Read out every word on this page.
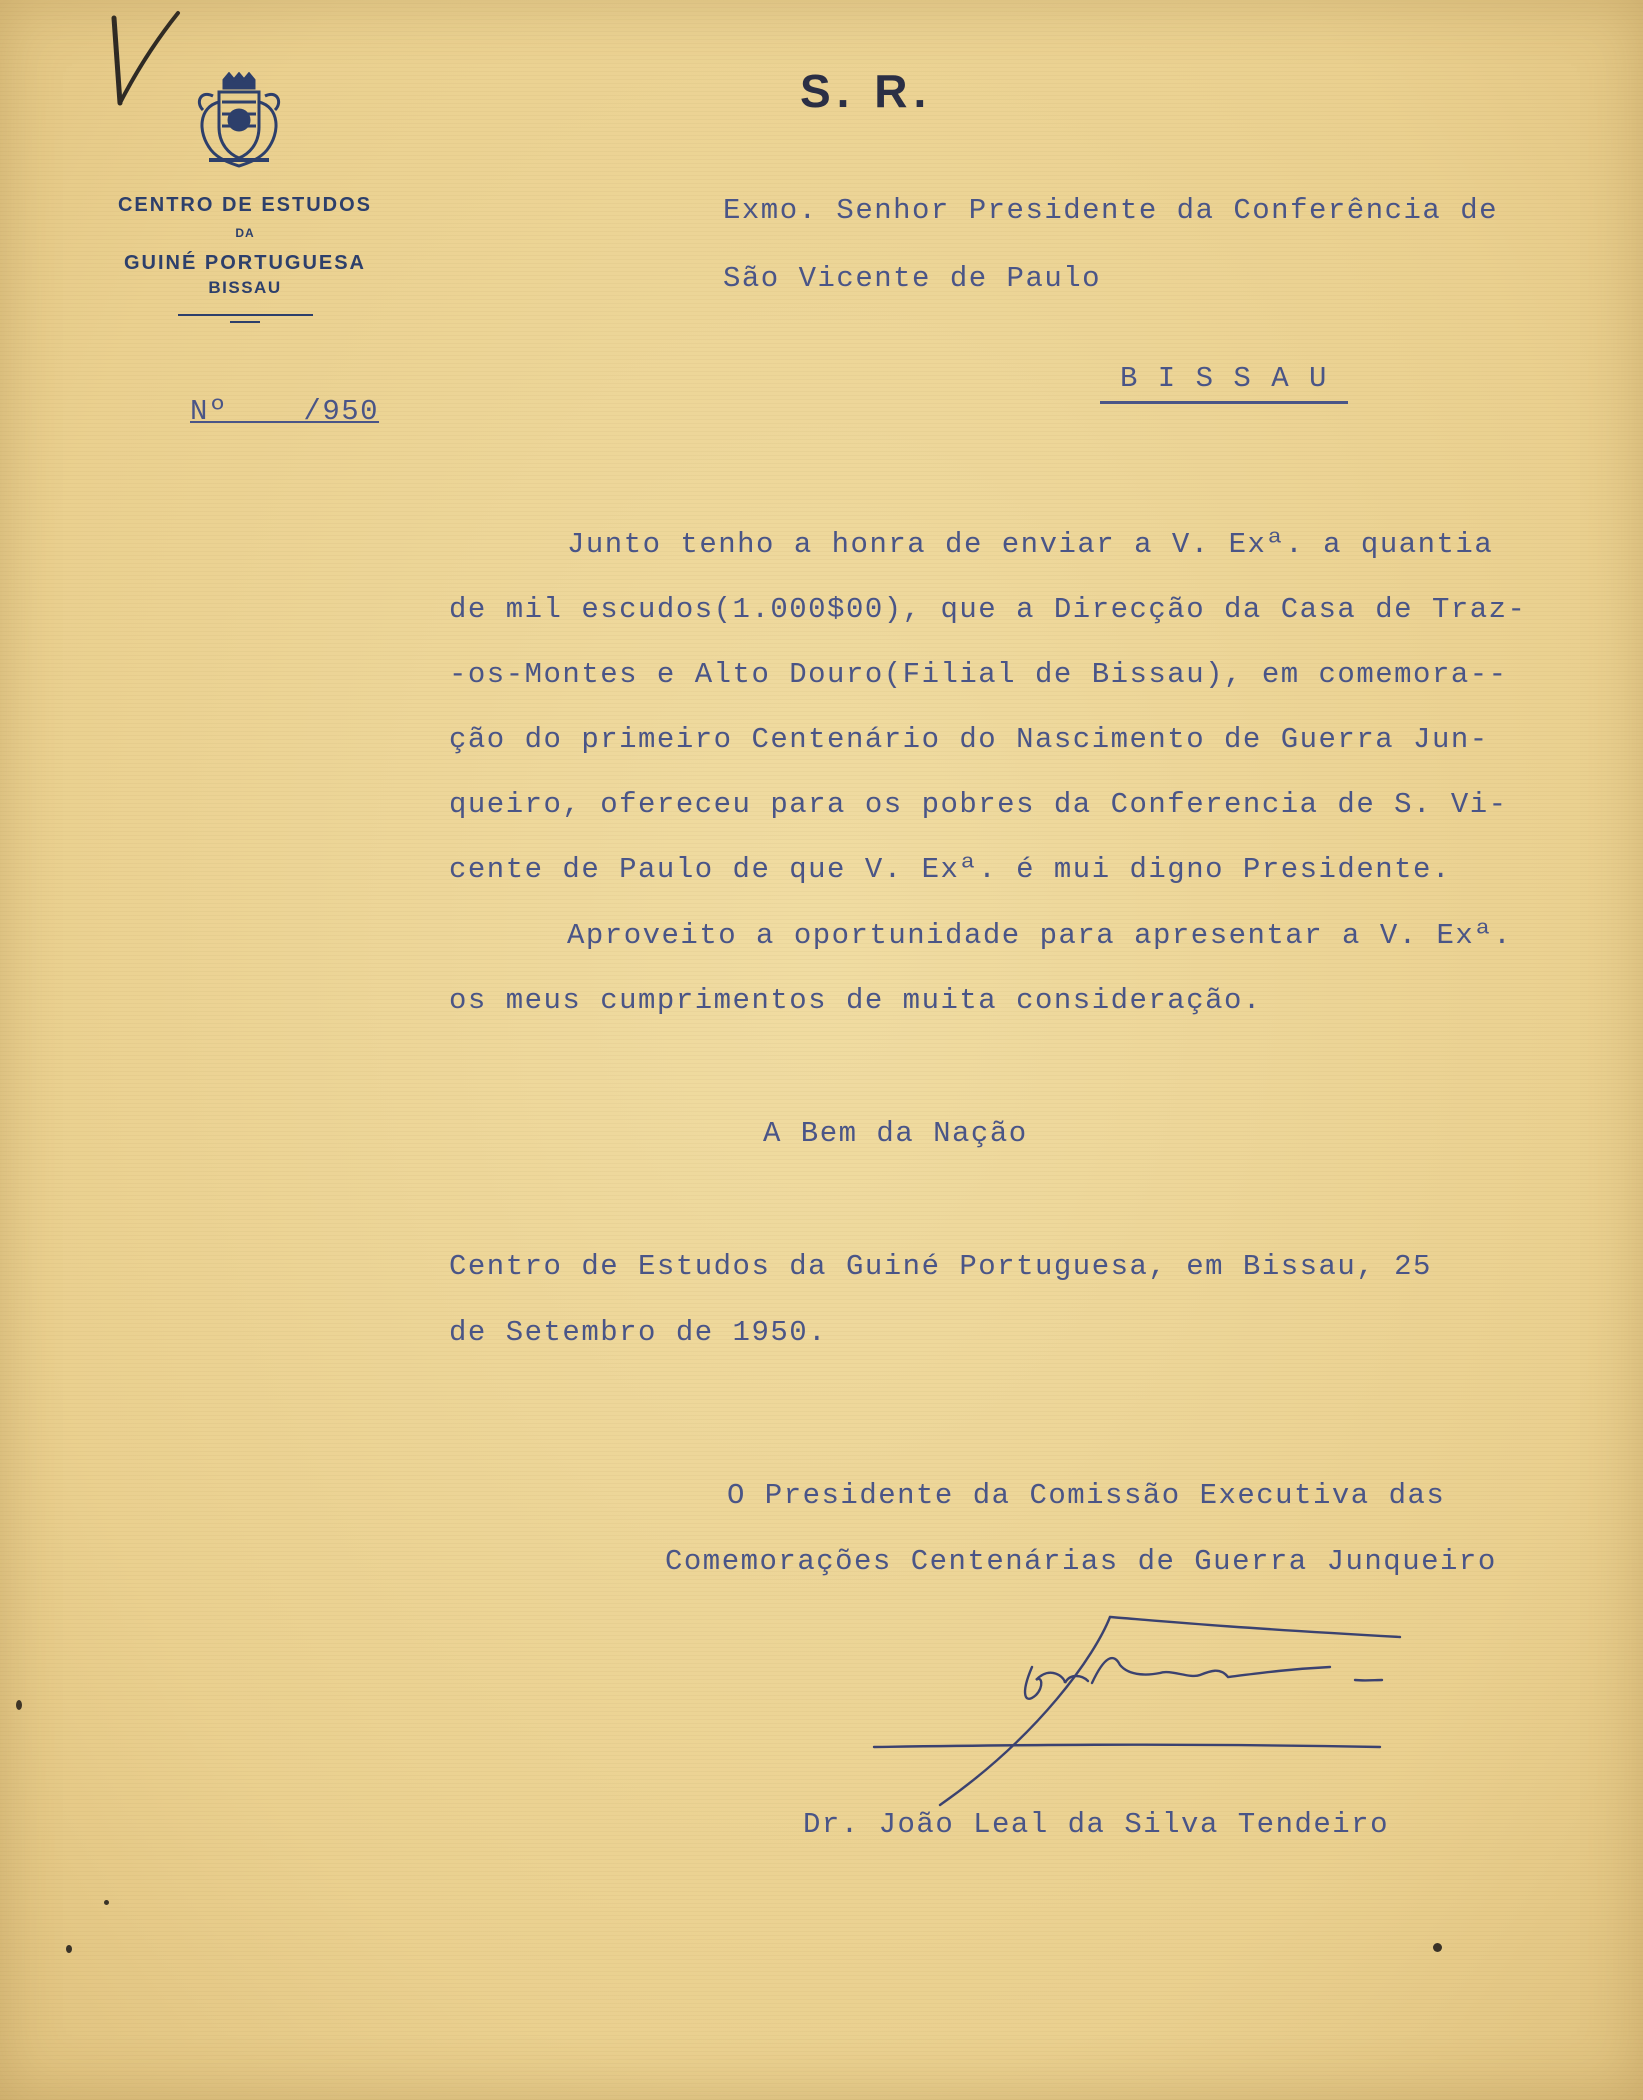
CENTRO DE ESTUDOS
DA
GUINÉ PORTUGUESA
BISSAU
S. R.
Nº    /950
Exmo. Senhor Presidente da Conferência de
São Vicente de Paulo
B I S S A U
Junto tenho a honra de enviar a V. Exª. a quantia
de mil escudos(1.000$00), que a Direcção da Casa de Traz-
-os-Montes e Alto Douro(Filial de Bissau), em comemora--
ção do primeiro Centenário do Nascimento de Guerra Jun-
queiro, ofereceu para os pobres da Conferencia de S. Vi-
cente de Paulo de que V. Exª. é mui digno Presidente.
Aproveito a oportunidade para apresentar a V. Exª.
os meus cumprimentos de muita consideração.
A Bem da Nação
Centro de Estudos da Guiné Portuguesa, em Bissau, 25
de Setembro de 1950.
O Presidente da Comissão Executiva das
Comemorações Centenárias de Guerra Junqueiro
Dr. João Leal da Silva Tendeiro
